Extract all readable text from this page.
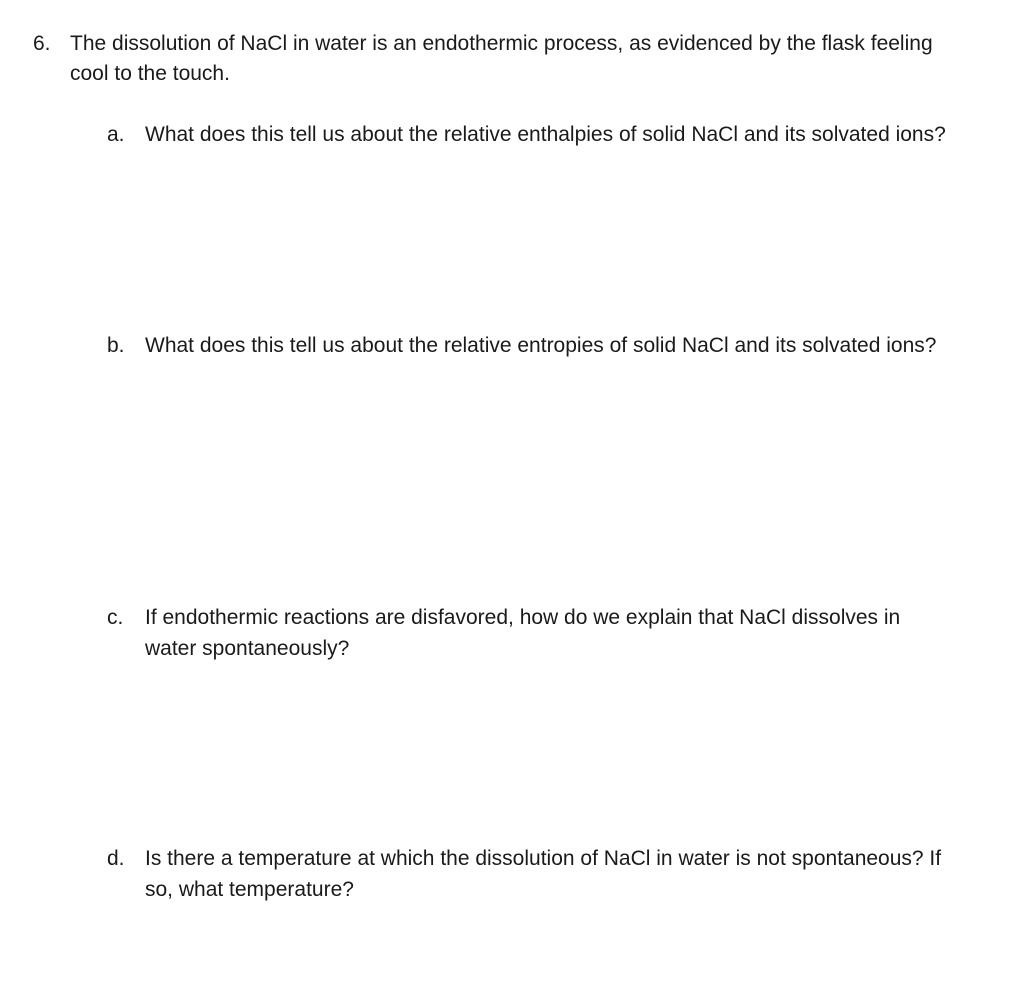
6. The dissolution of NaCl in water is an endothermic process, as evidenced by the flask feeling cool to the touch.
a. What does this tell us about the relative enthalpies of solid NaCl and its solvated ions?
b. What does this tell us about the relative entropies of solid NaCl and its solvated ions?
c.	If endothermic reactions are disfavored, how do we explain that NaCl dissolves in water spontaneously?
d. Is there a temperature at which the dissolution of NaCl in water is not spontaneous? If so, what temperature?
